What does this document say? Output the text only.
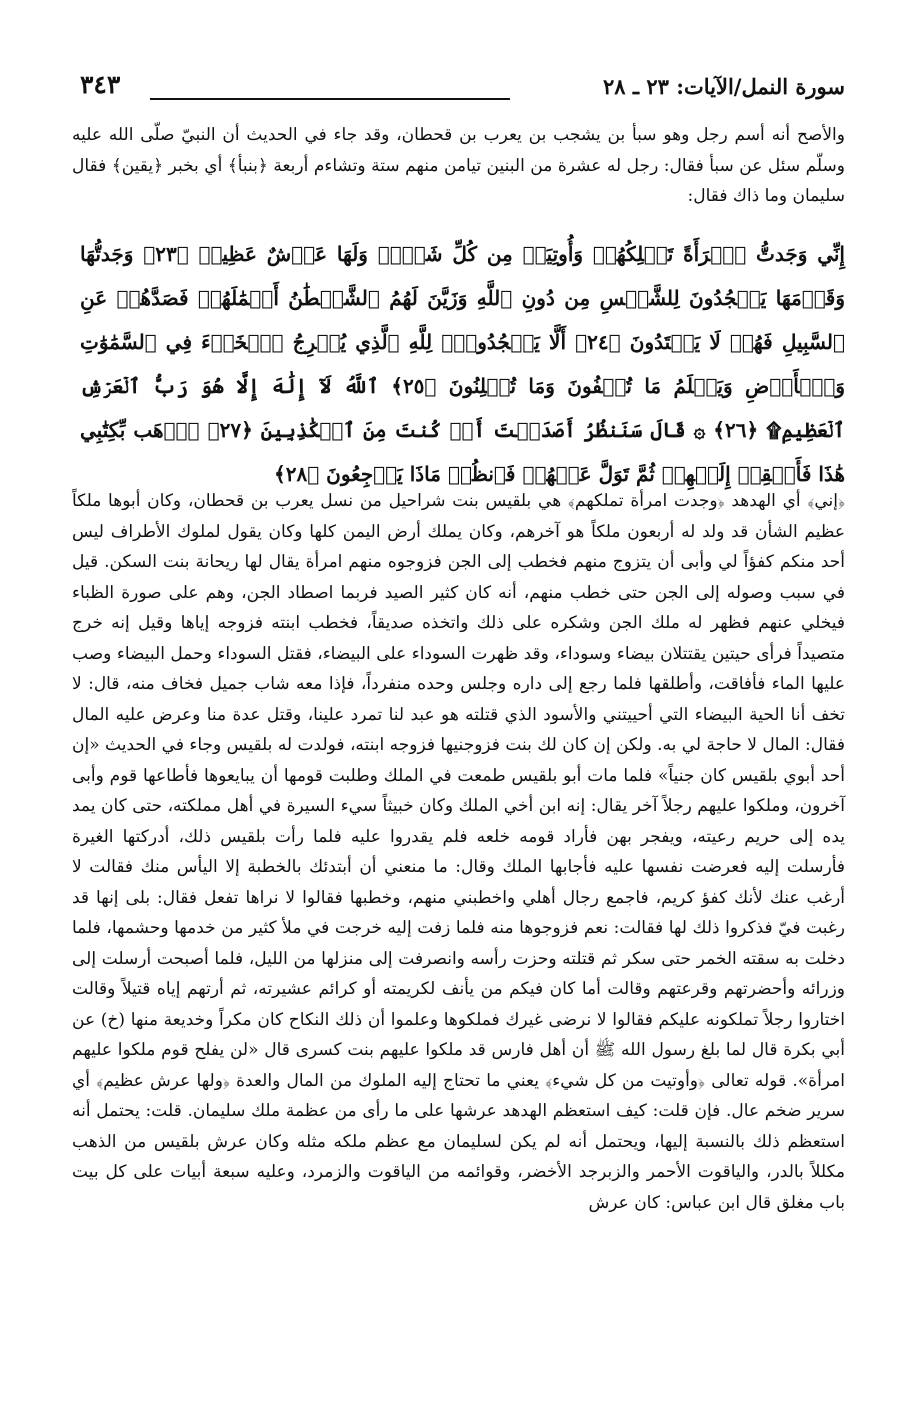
سورة النمل/الآيات: ٢٣ ـ ٢٨
٣٤٣

والأصح أنه أسم رجل وهو سبأ بن يشجب بن يعرب بن قحطان، وقد جاء في الحديث أن النبيّ صلّى الله عليه وسلّم سئل عن سبأ فقال: رجل له عشرة من البنين تيامن منهم ستة وتشاءم أربعة ﴿بنبأ﴾ أي بخبر ﴿يقين﴾ فقال سليمان وما ذاك فقال:

إِنِّي وَجَدتُّ ٱمۡرَأَةً تَمۡلِكُهُمۡ وَأُوتِيَتۡ مِن كُلِّ شَيۡءٖ وَلَهَا عَرۡشٌ عَظِيمٞ ﴿٢٣﴾ وَجَدتُّهَا وَقَوۡمَهَا يَسۡجُدُونَ لِلشَّمۡسِ مِن دُونِ ٱللَّهِ وَزَيَّنَ لَهُمُ ٱلشَّيۡطَٰنُ أَعۡمَٰلَهُمۡ فَصَدَّهُمۡ عَنِ ٱلسَّبِيلِ فَهُمۡ لَا يَهۡتَدُونَ ﴿٢٤﴾ أَلَّا يَسۡجُدُواْۤ لِلَّهِ ٱلَّذِي يُخۡرِجُ ٱلۡخَبۡءَ فِي ٱلسَّمَٰوَٰتِ وَٱلۡأَرۡضِ وَيَعۡلَمُ مَا تُخۡفُونَ وَمَا تُعۡلِنُونَ ﴿٢٥﴾ ٱللَّهُ لَآ إِلَٰهَ إِلَّا هُوَ رَبُّ ٱلۡعَرۡشِ ٱلۡعَظِيمِ۩ ﴿٢٦﴾ ۞ قَالَ سَنَنظُرُ أَصَدَقۡتَ أَمۡ كُنتَ مِنَ ٱلۡكَٰذِبِينَ ﴿٢٧﴾ ٱذۡهَب بِّكِتَٰبِي هَٰذَا فَأَلۡقِهۡ إِلَيۡهِمۡ ثُمَّ تَوَلَّ عَنۡهُمۡ فَٱنظُرۡ مَاذَا يَرۡجِعُونَ ﴿٢٨﴾

﴿إني﴾ أي الهدهد ﴿وجدت امرأة تملكهم﴾ هي بلقيس بنت شراحيل من نسل يعرب بن قحطان، وكان أبوها ملكاً عظيم الشأن قد ولد له أربعون ملكاً هو آخرهم، وكان يملك أرض اليمن كلها وكان يقول لملوك الأطراف ليس أحد منكم كفؤاً لي وأبى أن يتزوج منهم فخطب إلى الجن فزوجوه منهم امرأة يقال لها ريحانة بنت السكن. قيل في سبب وصوله إلى الجن حتى خطب منهم، أنه كان كثير الصيد فربما اصطاد الجن، وهم على صورة الظباء فيخلي عنهم فظهر له ملك الجن وشكره على ذلك واتخذه صديقاً، فخطب ابنته فزوجه إياها وقيل إنه خرج متصيداً فرأى حيتين يقتتلان بيضاء وسوداء، وقد ظهرت السوداء على البيضاء، فقتل السوداء وحمل البيضاء وصب عليها الماء فأفاقت، وأطلقها فلما رجع إلى داره وجلس وحده منفرداً، فإذا معه شاب جميل فخاف منه، قال: لا تخف أنا الحية البيضاء التي أحييتني والأسود الذي قتلته هو عبد لنا تمرد علينا، وقتل عدة منا وعرض عليه المال فقال: المال لا حاجة لي به. ولكن إن كان لك بنت فزوجنيها فزوجه ابنته، فولدت له بلقيس وجاء في الحديث «إن أحد أبوي بلقيس كان جنياً» فلما مات أبو بلقيس طمعت في الملك وطلبت قومها أن يبايعوها فأطاعها قوم وأبى آخرون، وملكوا عليهم رجلاً آخر يقال: إنه ابن أخي الملك وكان خبيثاً سيء السيرة في أهل مملكته، حتى كان يمد يده إلى حريم رعيته، ويفجر بهن فأراد قومه خلعه فلم يقدروا عليه فلما رأت بلقيس ذلك، أدركتها الغيرة فأرسلت إليه فعرضت نفسها عليه فأجابها الملك وقال: ما منعني أن أبتدئك بالخطبة إلا اليأس منك فقالت لا أرغب عنك لأنك كفؤ كريم، فاجمع رجال أهلي واخطبني منهم، وخطبها فقالوا لا نراها تفعل فقال: بلى إنها قد رغبت فيّ فذكروا ذلك لها فقالت: نعم فزوجوها منه فلما زفت إليه خرجت في ملأ كثير من خدمها وحشمها، فلما دخلت به سقته الخمر حتى سكر ثم قتلته وحزت رأسه وانصرفت إلى منزلها من الليل، فلما أصبحت أرسلت إلى وزرائه وأحضرتهم وقرعتهم وقالت أما كان فيكم من يأنف لكريمته أو كرائم عشيرته، ثم أرتهم إياه قتيلاً وقالت اختاروا رجلاً تملكونه عليكم فقالوا لا نرضى غيرك فملكوها وعلموا أن ذلك النكاح كان مكراً وخديعة منها (خ) عن أبي بكرة قال لما بلغ رسول الله ﷺ أن أهل فارس قد ملكوا عليهم بنت كسرى قال «لن يفلح قوم ملكوا عليهم امرأة». قوله تعالى ﴿وأوتيت من كل شيء﴾ يعني ما تحتاج إليه الملوك من المال والعدة ﴿ولها عرش عظيم﴾ أي سرير ضخم عال. فإن قلت: كيف استعظم الهدهد عرشها على ما رأى من عظمة ملك سليمان. قلت: يحتمل أنه استعظم ذلك بالنسبة إليها، ويحتمل أنه لم يكن لسليمان مع عظم ملكه مثله وكان عرش بلقيس من الذهب مكللاً بالدر، والياقوت الأحمر والزبرجد الأخضر، وقوائمه من الياقوت والزمرد، وعليه سبعة أبيات على كل بيت باب مغلق قال ابن عباس: كان عرش
